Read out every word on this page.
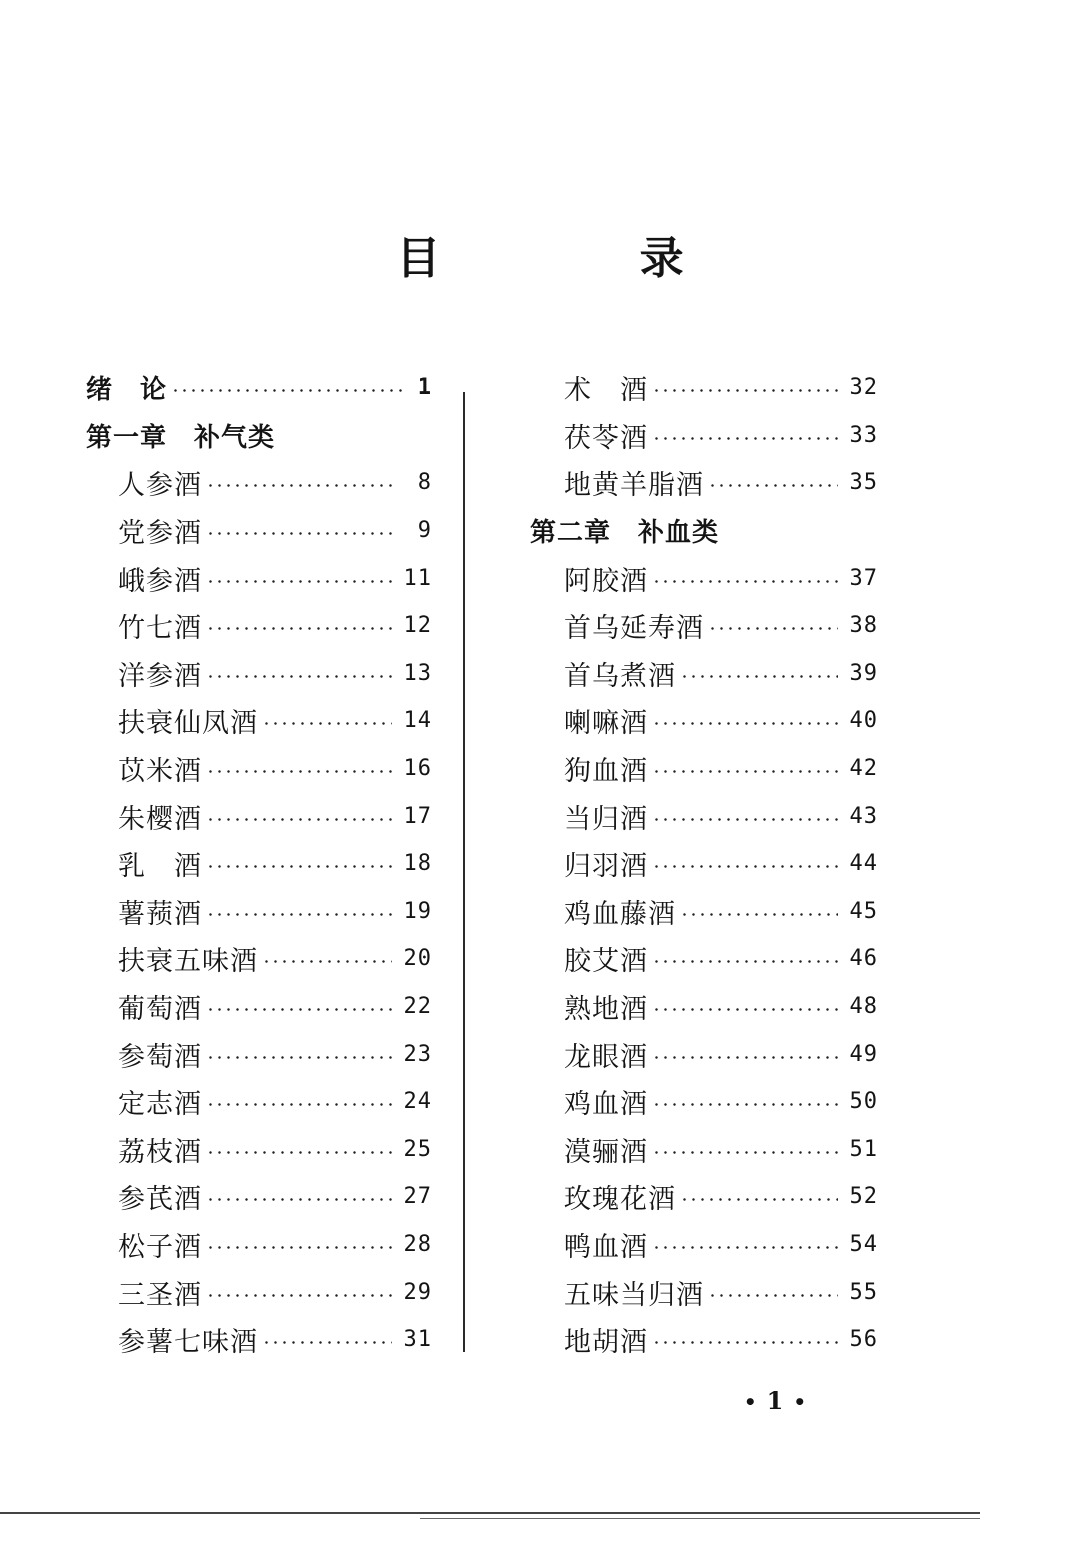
目 录
绪　论	1
第一章　补气类
人参酒	8
党参酒	9
峨参酒	11
竹七酒	12
洋参酒	13
扶衰仙凤酒	14
苡米酒	16
朱樱酒	17
乳　酒	18
薯蓣酒	19
扶衰五味酒	20
葡萄酒	22
参萄酒	23
定志酒	24
荔枝酒	25
参芪酒	27
松子酒	28
三圣酒	29
参薯七味酒	31
术　酒	32
茯苓酒	33
地黄羊脂酒	35
第二章　补血类
阿胶酒	37
首乌延寿酒	38
首乌煮酒	39
喇嘛酒	40
狗血酒	42
当归酒	43
归羽酒	44
鸡血藤酒	45
胶艾酒	46
熟地酒	48
龙眼酒	49
鸡血酒	50
漠骊酒	51
玫瑰花酒	52
鸭血酒	54
五味当归酒	55
地胡酒	56
•1•
